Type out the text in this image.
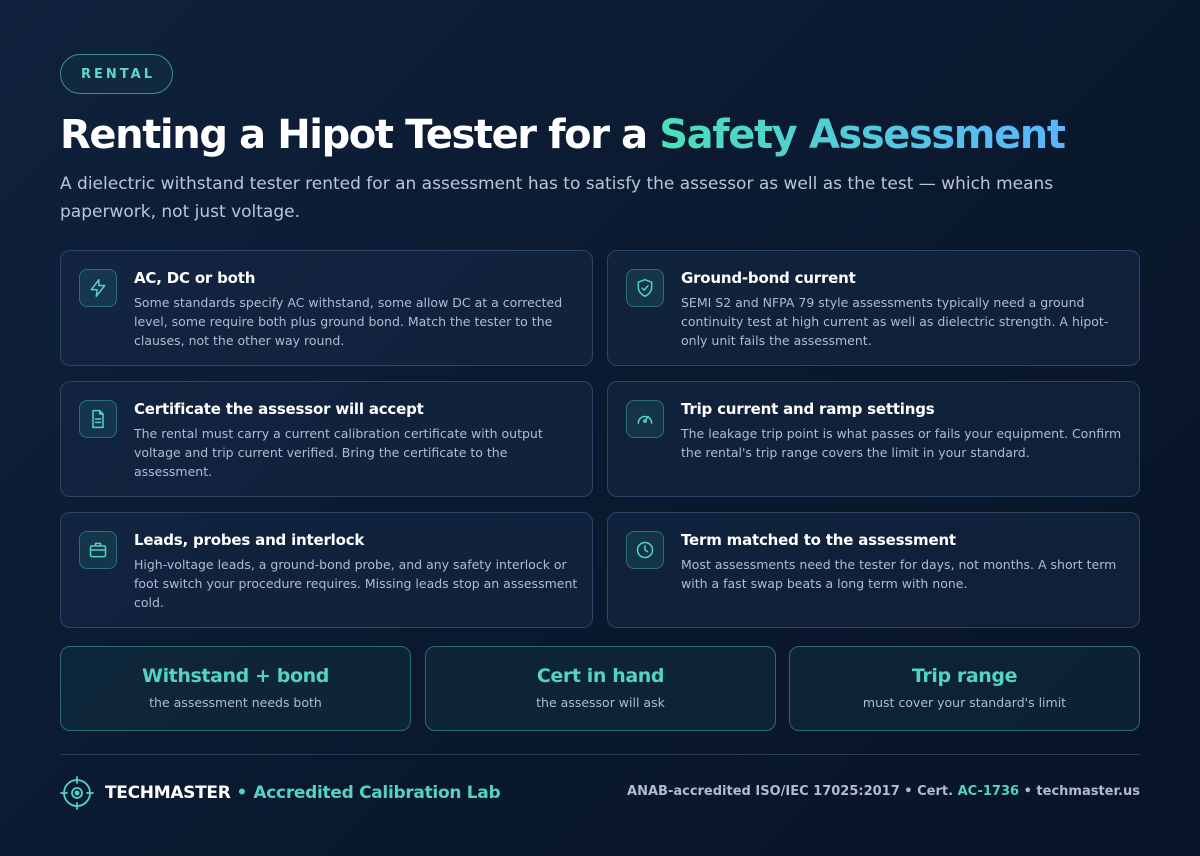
RENTAL
Renting a Hipot Tester for a Safety Assessment

A dielectric withstand tester rented for an assessment has to satisfy the assessor as well as the test — which means paperwork, not just voltage.

AC, DC or both
Some standards specify AC withstand, some allow DC at a corrected level, some require both plus ground bond. Match the tester to the clauses, not the other way round.
Ground-bond current
SEMI S2 and NFPA 79 style assessments typically need a ground continuity test at high current as well as dielectric strength. A hipot-only unit fails the assessment.
Certificate the assessor will accept
The rental must carry a current calibration certificate with output voltage and trip current verified. Bring the certificate to the assessment.
Trip current and ramp settings
The leakage trip point is what passes or fails your equipment. Confirm the rental's trip range covers the limit in your standard.
Leads, probes and interlock
High-voltage leads, a ground-bond probe, and any safety interlock or foot switch your procedure requires. Missing leads stop an assessment cold.
Term matched to the assessment
Most assessments need the tester for days, not months. A short term with a fast swap beats a long term with none.
Withstand + bond
the assessment needs both
Cert in hand
the assessor will ask
Trip range
must cover your standard's limit
TECHMASTER • Accredited Calibration Lab	ANAB-accredited ISO/IEC 17025:2017 • Cert. AC-1736 • techmaster.us
